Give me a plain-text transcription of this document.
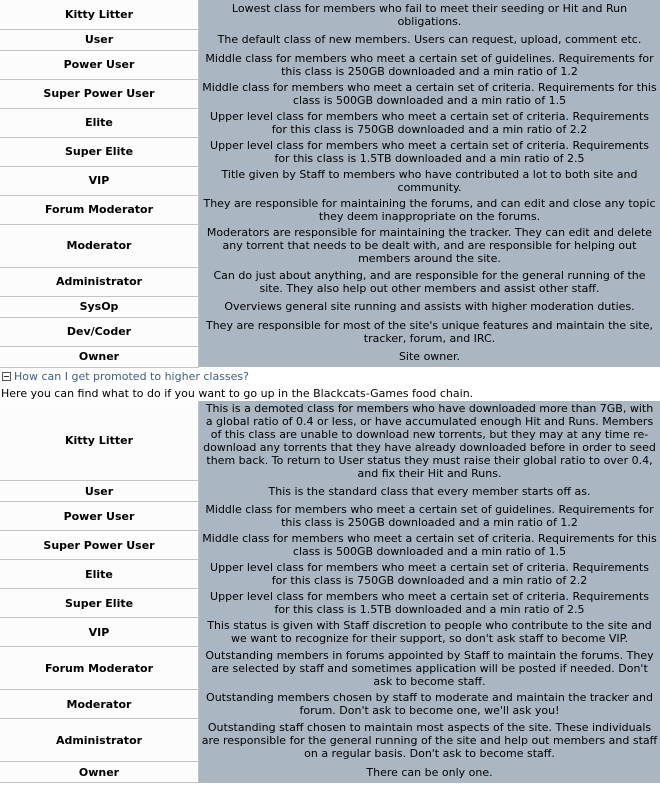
Kitty Litter	Lowest class for members who fail to meet their seeding or Hit and Run obligations.
User	The default class of new members. Users can request, upload, comment etc.
Power User	Middle class for members who meet a certain set of guidelines. Requirements for this class is 250GB downloaded and a min ratio of 1.2
Super Power User	Middle class for members who meet a certain set of criteria. Requirements for this class is 500GB downloaded and a min ratio of 1.5
Elite	Upper level class for members who meet a certain set of criteria. Requirements for this class is 750GB downloaded and a min ratio of 2.2
Super Elite	Upper level class for members who meet a certain set of criteria. Requirements for this class is 1.5TB downloaded and a min ratio of 2.5
VIP	Title given by Staff to members who have contributed a lot to both site and community.
Forum Moderator	They are responsible for maintaining the forums, and can edit and close any topic they deem inappropriate on the forums.
Moderator	Moderators are responsible for maintaining the tracker. They can edit and delete any torrent that needs to be dealt with, and are responsible for helping out members around the site.
Administrator	Can do just about anything, and are responsible for the general running of the site. They also help out other members and assist other staff.
SysOp	Overviews general site running and assists with higher moderation duties.
Dev/Coder	They are responsible for most of the site's unique features and maintain the site, tracker, forum, and IRC.
Owner	Site owner.
How can I get promoted to higher classes?
Here you can find what to do if you want to go up in the Blackcats-Games food chain.
Kitty Litter	This is a demoted class for members who have downloaded more than 7GB, with a global ratio of 0.4 or less, or have accumulated enough Hit and Runs. Members of this class are unable to download new torrents, but they may at any time re-download any torrents that they have already downloaded before in order to seed them back. To return to User status they must raise their global ratio to over 0.4, and fix their Hit and Runs.
User	This is the standard class that every member starts off as.
Power User	Middle class for members who meet a certain set of guidelines. Requirements for this class is 250GB downloaded and a min ratio of 1.2
Super Power User	Middle class for members who meet a certain set of criteria. Requirements for this class is 500GB downloaded and a min ratio of 1.5
Elite	Upper level class for members who meet a certain set of criteria. Requirements for this class is 750GB downloaded and a min ratio of 2.2
Super Elite	Upper level class for members who meet a certain set of criteria. Requirements for this class is 1.5TB downloaded and a min ratio of 2.5
VIP	This status is given with Staff discretion to people who contribute to the site and we want to recognize for their support, so don't ask staff to become VIP.
Forum Moderator	Outstanding members in forums appointed by Staff to maintain the forums. They are selected by staff and sometimes application will be posted if needed. Don't ask to become staff.
Moderator	Outstanding members chosen by staff to moderate and maintain the tracker and forum. Don't ask to become one, we'll ask you!
Administrator	Outstanding staff chosen to maintain most aspects of the site. These individuals are responsible for the general running of the site and help out members and staff on a regular basis. Don't ask to become staff.
Owner	There can be only one.
